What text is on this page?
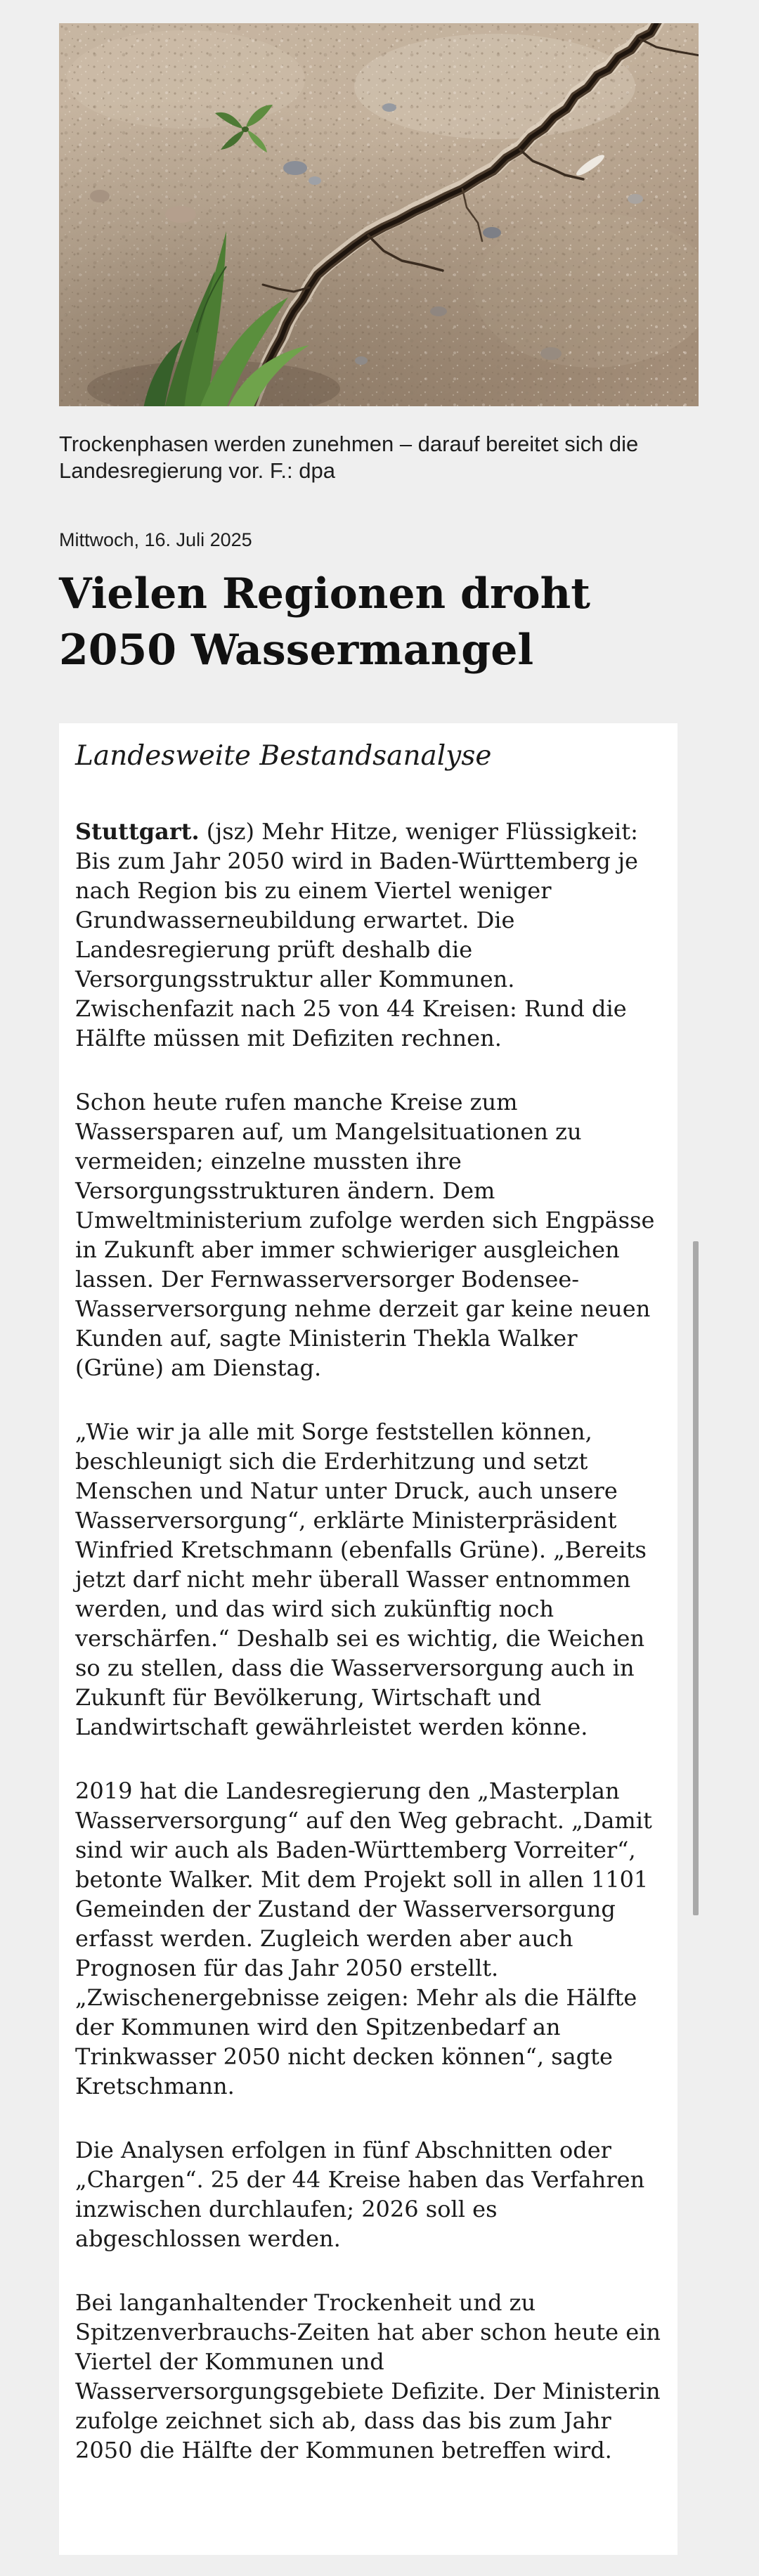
Trockenphasen werden zunehmen – darauf bereitet sich die Landesregierung vor. F.: dpa

Mittwoch, 16. Juli 2025
Vielen Regionen droht 2050 Wassermangel
Landesweite Bestandsanalyse

Stuttgart. (jsz) Mehr Hitze, weniger Flüssigkeit: Bis zum Jahr 2050 wird in Baden-Württemberg je nach Region bis zu einem Viertel weniger Grundwasserneubildung erwartet. Die Landesregierung prüft deshalb die Versorgungsstruktur aller Kommunen. Zwischenfazit nach 25 von 44 Kreisen: Rund die Hälfte müssen mit Defiziten rechnen.

Schon heute rufen manche Kreise zum Wassersparen auf, um Mangelsituationen zu vermeiden; einzelne mussten ihre Versorgungsstrukturen ändern. Dem Umweltministerium zufolge werden sich Engpässe in Zukunft aber immer schwieriger ausgleichen lassen. Der Fernwasserversorger Bodensee-Wasserversorgung nehme derzeit gar keine neuen Kunden auf, sagte Ministerin Thekla Walker (Grüne) am Dienstag.

„Wie wir ja alle mit Sorge feststellen können, beschleunigt sich die Erderhitzung und setzt Menschen und Natur unter Druck, auch unsere Wasserversorgung“, erklärte Ministerpräsident Winfried Kretschmann (ebenfalls Grüne). „Bereits jetzt darf nicht mehr überall Wasser entnommen werden, und das wird sich zukünftig noch verschärfen.“ Deshalb sei es wichtig, die Weichen so zu stellen, dass die Wasserversorgung auch in Zukunft für Bevölkerung, Wirtschaft und Landwirtschaft gewährleistet werden könne.

2019 hat die Landesregierung den „Masterplan Wasserversorgung“ auf den Weg gebracht. „Damit sind wir auch als Baden-Württemberg Vorreiter“, betonte Walker. Mit dem Projekt soll in allen 1101 Gemeinden der Zustand der Wasserversorgung erfasst werden. Zugleich werden aber auch Prognosen für das Jahr 2050 erstellt. „Zwischenergebnisse zeigen: Mehr als die Hälfte der Kommunen wird den Spitzenbedarf an Trinkwasser 2050 nicht decken können“, sagte Kretschmann.

Die Analysen erfolgen in fünf Abschnitten oder „Chargen“. 25 der 44 Kreise haben das Verfahren inzwischen durchlaufen; 2026 soll es abgeschlossen werden.

Bei langanhaltender Trockenheit und zu Spitzenverbrauchs-Zeiten hat aber schon heute ein Viertel der Kommunen und Wasserversorgungsgebiete Defizite. Der Ministerin zufolge zeichnet sich ab, dass das bis zum Jahr 2050 die Hälfte der Kommunen betreffen wird.
